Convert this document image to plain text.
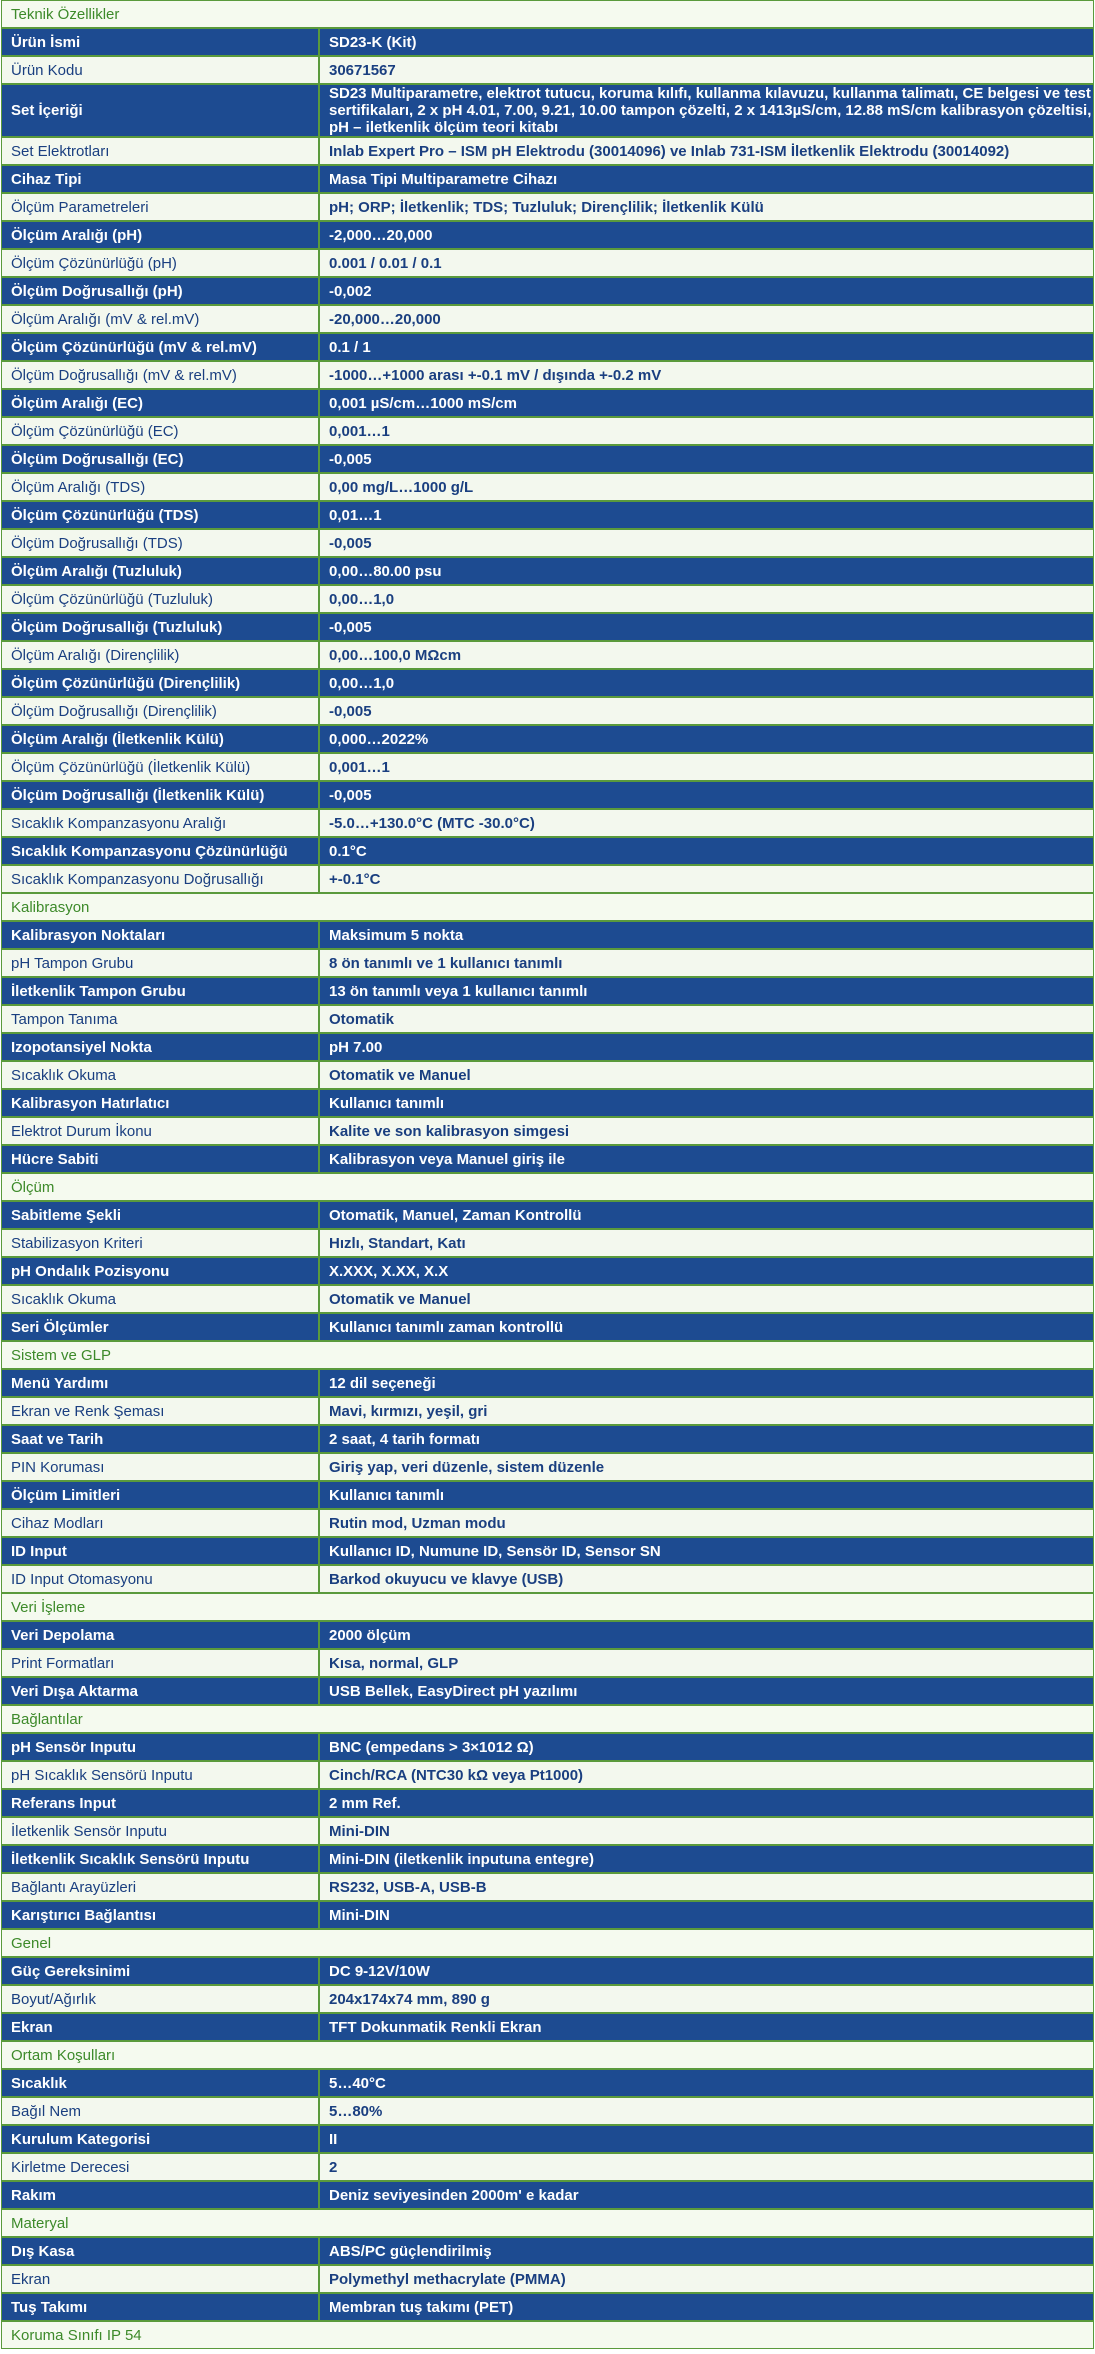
Teknik Özellikler	
Ürün İsmi	SD23-K (Kit)
Ürün Kodu	30671567
Set İçeriği	SD23 Multiparametre, elektrot tutucu, koruma kılıfı, kullanma kılavuzu, kullanma talimatı, CE belgesi ve test sertifikaları, 2 x pH 4.01, 7.00, 9.21, 10.00 tampon çözelti, 2 x 1413µS/cm, 12.88 mS/cm kalibrasyon çözeltisi, pH – iletkenlik ölçüm teori kitabı
Set Elektrotları	Inlab Expert Pro – ISM pH Elektrodu (30014096) ve Inlab 731-ISM İletkenlik Elektrodu (30014092)
Cihaz Tipi	Masa Tipi Multiparametre Cihazı
Ölçüm Parametreleri	pH; ORP; İletkenlik; TDS; Tuzluluk; Dirençlilik; İletkenlik Külü
Ölçüm Aralığı (pH)	-2,000…20,000
Ölçüm Çözünürlüğü (pH)	0.001 / 0.01 / 0.1
Ölçüm Doğrusallığı (pH)	-0,002
Ölçüm Aralığı (mV & rel.mV)	-20,000…20,000
Ölçüm Çözünürlüğü (mV & rel.mV)	0.1 / 1
Ölçüm Doğrusallığı (mV & rel.mV)	-1000…+1000 arası +-0.1 mV / dışında +-0.2 mV
Ölçüm Aralığı (EC)	0,001 µS/cm…1000 mS/cm
Ölçüm Çözünürlüğü (EC)	0,001…1
Ölçüm Doğrusallığı (EC)	-0,005
Ölçüm Aralığı (TDS)	0,00 mg/L…1000 g/L
Ölçüm Çözünürlüğü (TDS)	0,01…1
Ölçüm Doğrusallığı (TDS)	-0,005
Ölçüm Aralığı (Tuzluluk)	0,00…80.00 psu
Ölçüm Çözünürlüğü (Tuzluluk)	0,00…1,0
Ölçüm Doğrusallığı (Tuzluluk)	-0,005
Ölçüm Aralığı (Dirençlilik)	0,00…100,0 MΩcm
Ölçüm Çözünürlüğü (Dirençlilik)	0,00…1,0
Ölçüm Doğrusallığı (Dirençlilik)	-0,005
Ölçüm Aralığı (İletkenlik Külü)	0,000…2022%
Ölçüm Çözünürlüğü (İletkenlik Külü)	0,001…1
Ölçüm Doğrusallığı (İletkenlik Külü)	-0,005
Sıcaklık Kompanzasyonu Aralığı	-5.0…+130.0°C (MTC -30.0°C)
Sıcaklık Kompanzasyonu Çözünürlüğü	0.1°C
Sıcaklık Kompanzasyonu Doğrusallığı	+-0.1°C
Kalibrasyon	
Kalibrasyon Noktaları	Maksimum 5 nokta
pH Tampon Grubu	8 ön tanımlı ve 1 kullanıcı tanımlı
İletkenlik Tampon Grubu	13 ön tanımlı veya 1 kullanıcı tanımlı
Tampon Tanıma	Otomatik
Izopotansiyel Nokta	pH 7.00
Sıcaklık Okuma	Otomatik ve Manuel
Kalibrasyon Hatırlatıcı	Kullanıcı tanımlı
Elektrot Durum İkonu	Kalite ve son kalibrasyon simgesi
Hücre Sabiti	Kalibrasyon veya Manuel giriş ile
Ölçüm	
Sabitleme Şekli	Otomatik, Manuel, Zaman Kontrollü
Stabilizasyon Kriteri	Hızlı, Standart, Katı
pH Ondalık Pozisyonu	X.XXX, X.XX, X.X
Sıcaklık Okuma	Otomatik ve Manuel
Seri Ölçümler	Kullanıcı tanımlı zaman kontrollü
Sistem ve GLP	
Menü Yardımı	12 dil seçeneği
Ekran ve Renk Şeması	Mavi, kırmızı, yeşil, gri
Saat ve Tarih	2 saat, 4 tarih formatı
PIN Koruması	Giriş yap, veri düzenle, sistem düzenle
Ölçüm Limitleri	Kullanıcı tanımlı
Cihaz Modları	Rutin mod, Uzman modu
ID Input	Kullanıcı ID, Numune ID, Sensör ID, Sensor SN
ID Input Otomasyonu	Barkod okuyucu ve klavye (USB)
Veri İşleme	
Veri Depolama	2000 ölçüm
Print Formatları	Kısa, normal, GLP
Veri Dışa Aktarma	USB Bellek, EasyDirect pH yazılımı
Bağlantılar	
pH Sensör Inputu	BNC (empedans > 3×1012 Ω)
pH Sıcaklık Sensörü Inputu	Cinch/RCA (NTC30 kΩ veya Pt1000)
Referans Input	2 mm Ref.
İletkenlik Sensör Inputu	Mini-DIN
İletkenlik Sıcaklık Sensörü Inputu	Mini-DIN (iletkenlik inputuna entegre)
Bağlantı Arayüzleri	RS232, USB-A, USB-B
Karıştırıcı Bağlantısı	Mini-DIN
Genel	
Güç Gereksinimi	DC 9-12V/10W
Boyut/Ağırlık	204x174x74 mm, 890 g
Ekran	TFT Dokunmatik Renkli Ekran
Ortam Koşulları	
Sıcaklık	5…40°C
Bağıl Nem	5…80%
Kurulum Kategorisi	II
Kirletme Derecesi	2
Rakım	Deniz seviyesinden 2000m' e kadar
Materyal	
Dış Kasa	ABS/PC güçlendirilmiş
Ekran	Polymethyl methacrylate (PMMA)
Tuş Takımı	Membran tuş takımı (PET)
Koruma Sınıfı IP 54	
